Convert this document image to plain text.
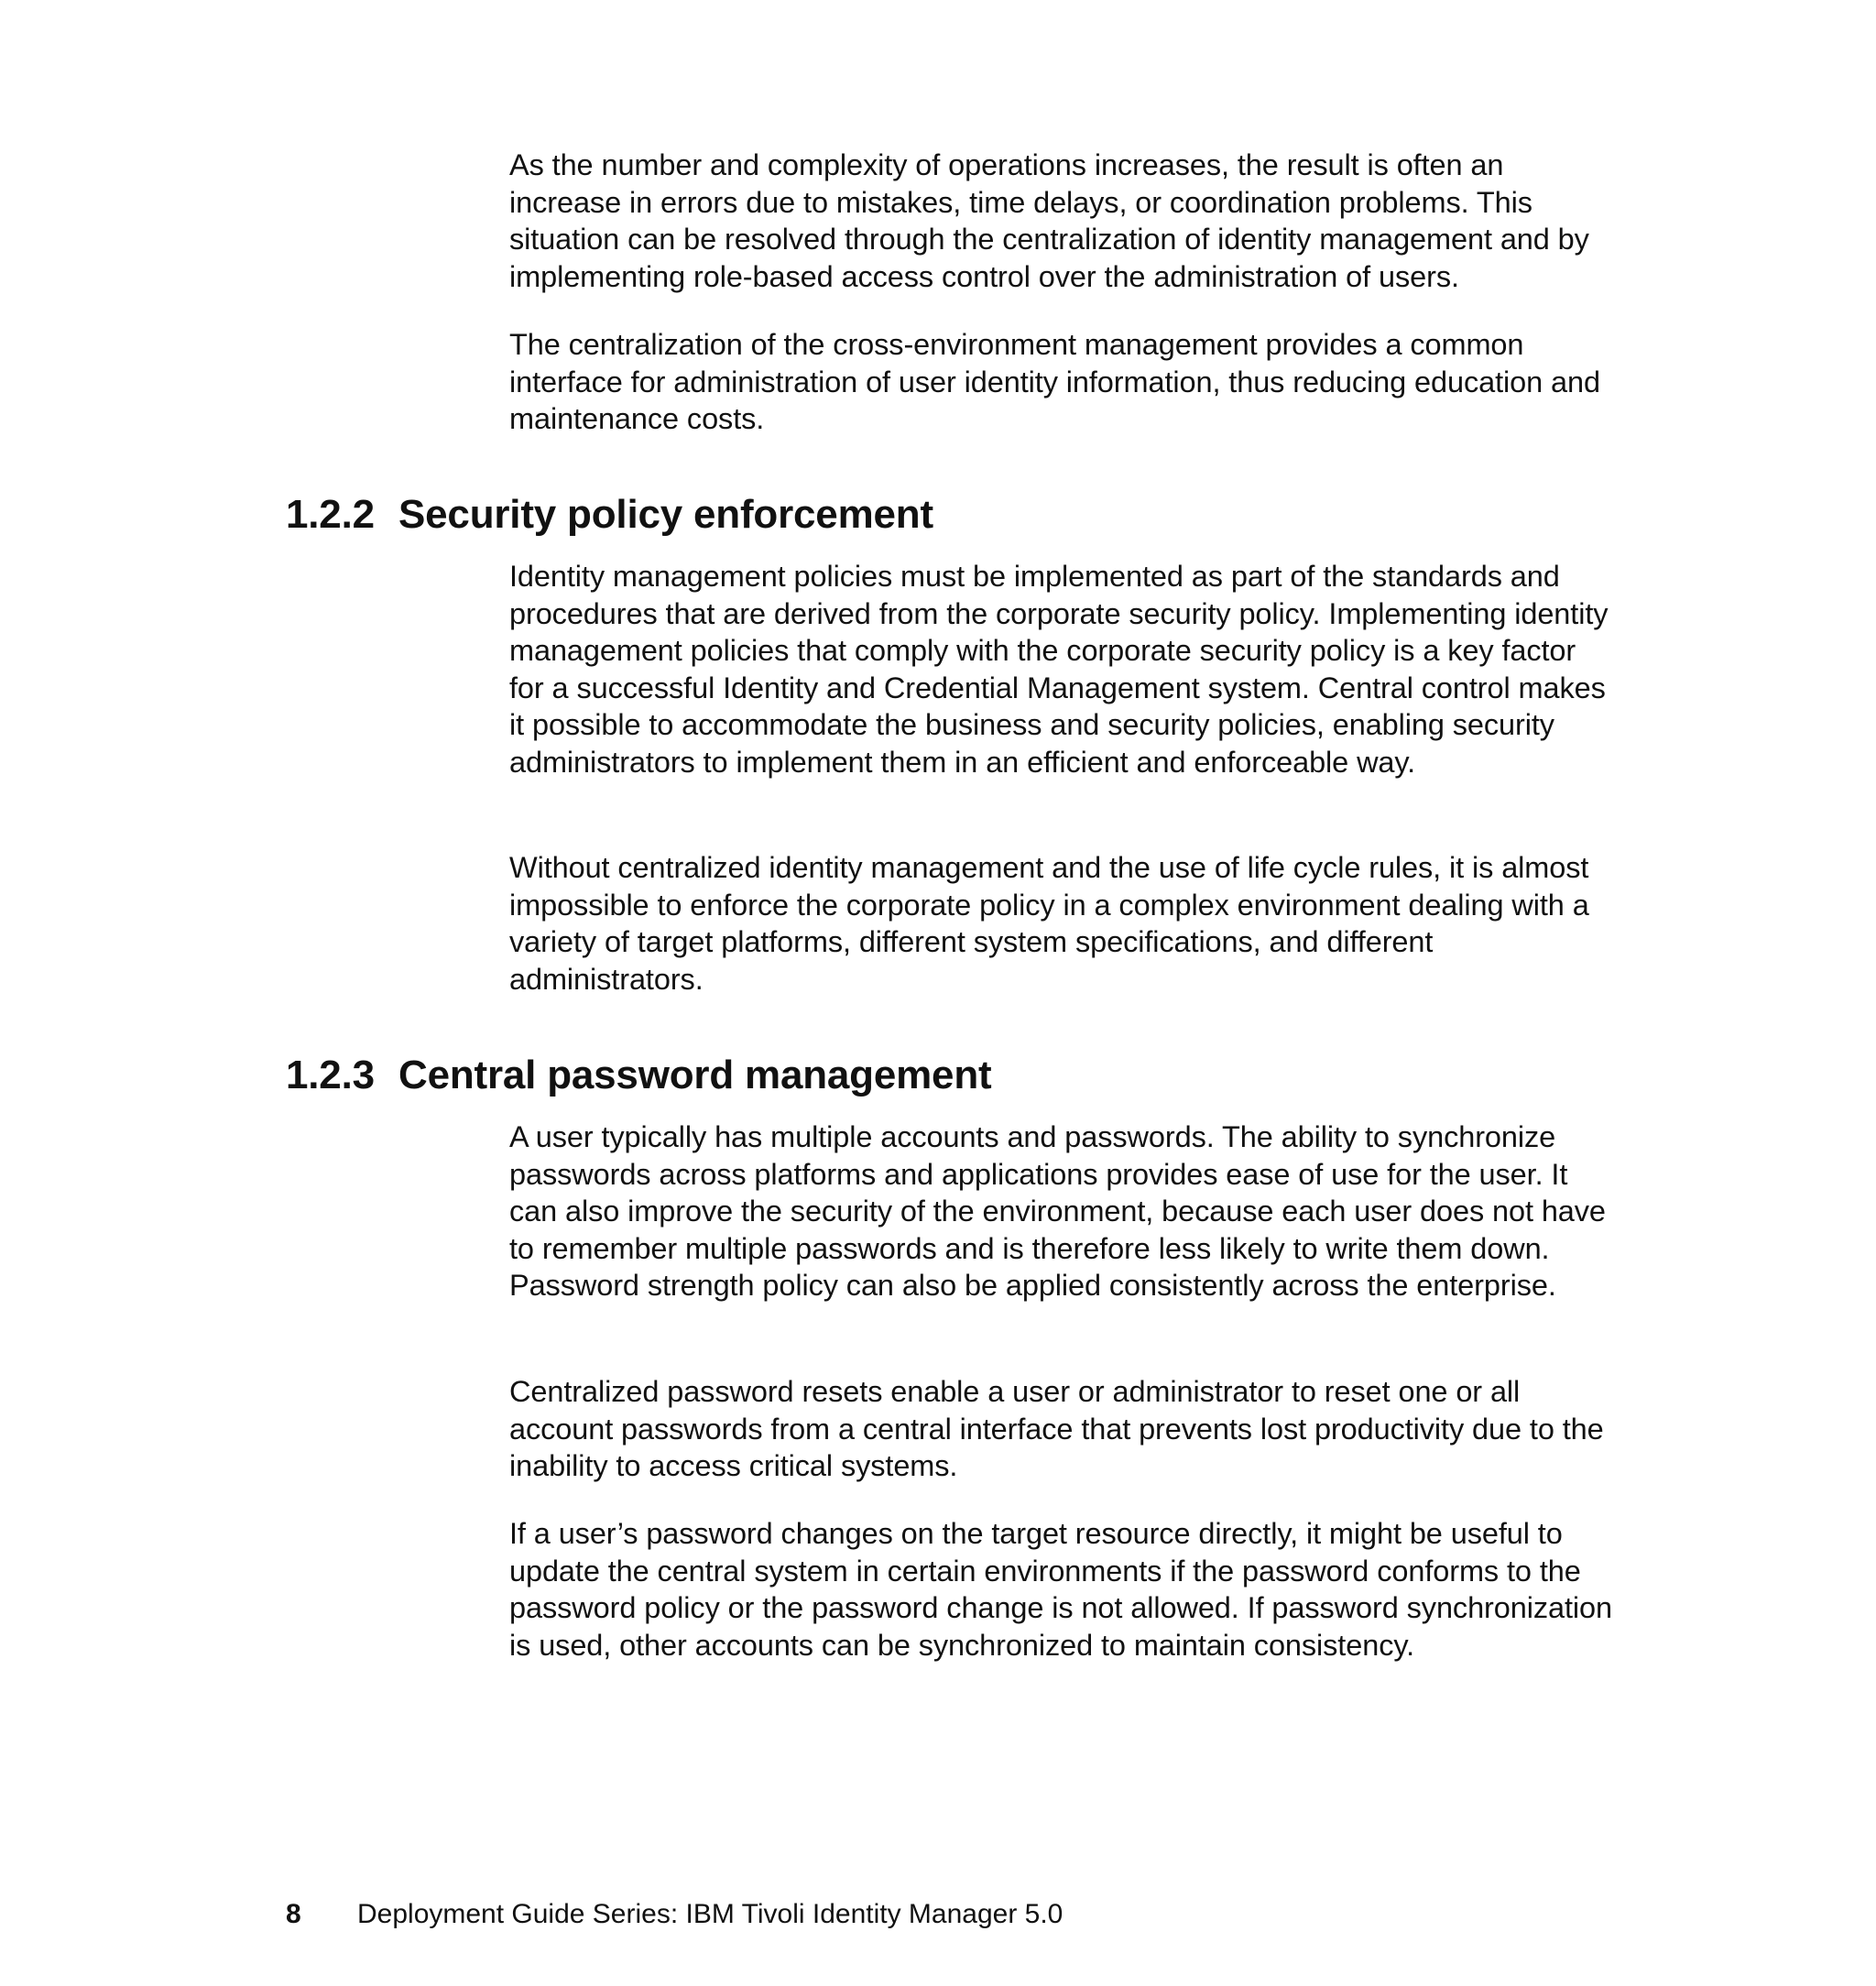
As the number and complexity of operations increases, the result is often an increase in errors due to mistakes, time delays, or coordination problems. This situation can be resolved through the centralization of identity management and by implementing role-based access control over the administration of users.

The centralization of the cross-environment management provides a common interface for administration of user identity information, thus reducing education and maintenance costs.

1.2.2 Security policy enforcement

Identity management policies must be implemented as part of the standards and procedures that are derived from the corporate security policy. Implementing identity management policies that comply with the corporate security policy is a key factor for a successful Identity and Credential Management system. Central control makes it possible to accommodate the business and security policies, enabling security administrators to implement them in an efficient and enforceable way.

Without centralized identity management and the use of life cycle rules, it is almost impossible to enforce the corporate policy in a complex environment dealing with a variety of target platforms, different system specifications, and different administrators.

1.2.3 Central password management

A user typically has multiple accounts and passwords. The ability to synchronize passwords across platforms and applications provides ease of use for the user. It can also improve the security of the environment, because each user does not have to remember multiple passwords and is therefore less likely to write them down. Password strength policy can also be applied consistently across the enterprise.

Centralized password resets enable a user or administrator to reset one or all account passwords from a central interface that prevents lost productivity due to the inability to access critical systems.

If a user’s password changes on the target resource directly, it might be useful to update the central system in certain environments if the password conforms to the password policy or the password change is not allowed. If password synchronization is used, other accounts can be synchronized to maintain consistency.

8 Deployment Guide Series: IBM Tivoli Identity Manager 5.0
